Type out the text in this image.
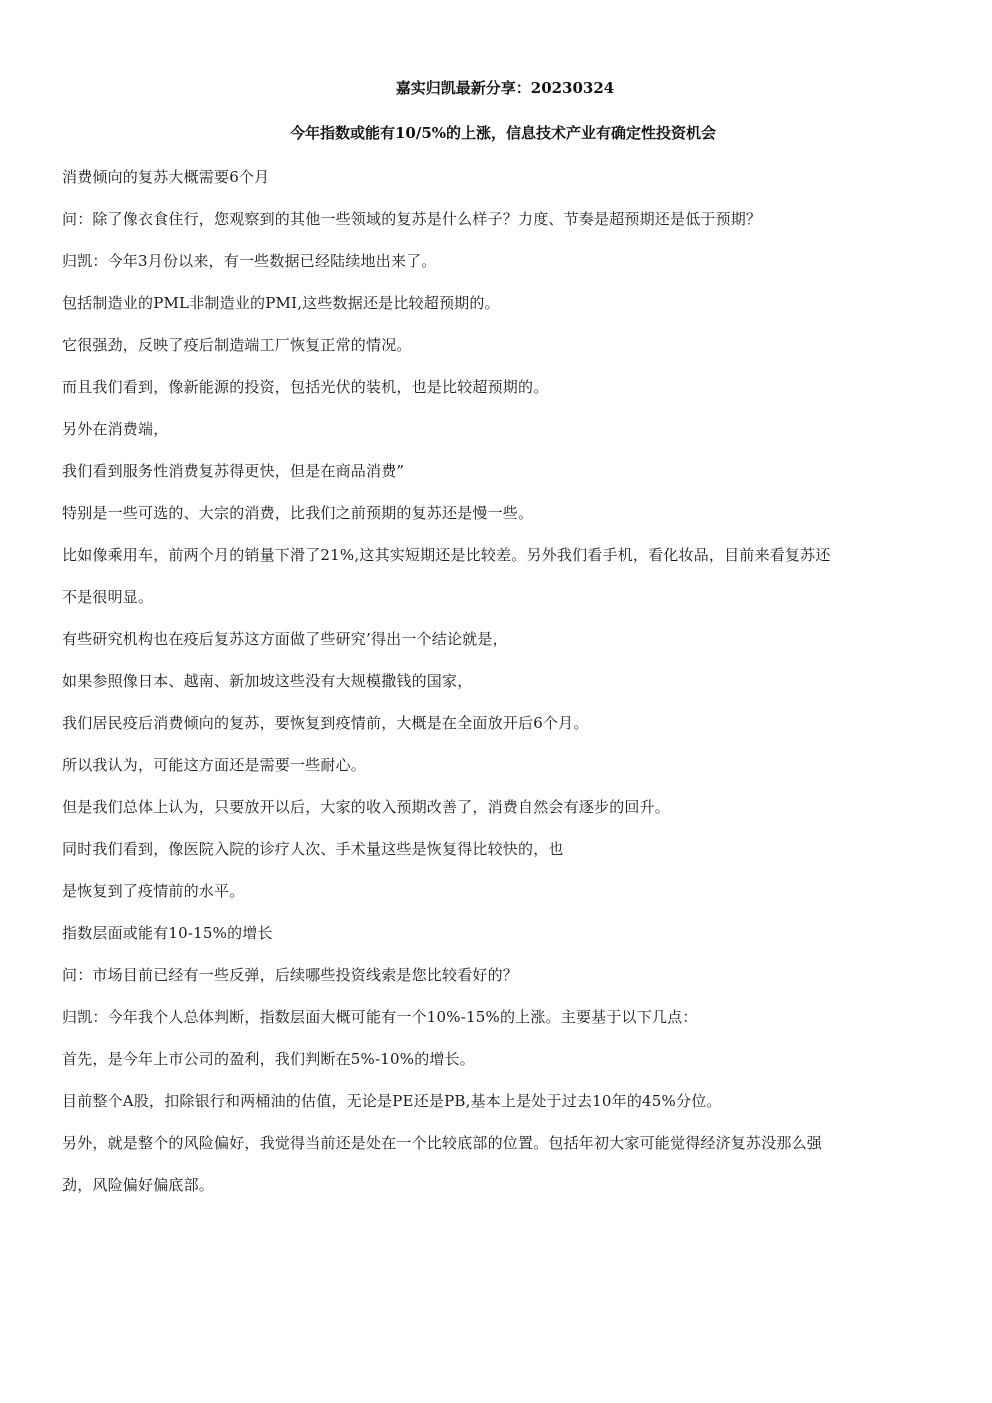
嘉实归凯最新分享：20230324
今年指数或能有10/5%的上涨，信息技术产业有确定性投资机会

消费倾向的复苏大概需要6个月

问：除了像衣食住行，您观察到的其他一些领域的复苏是什么样子？力度、节奏是超预期还是低于预期？

归凯：今年3月份以来，有一些数据已经陆续地出来了。

包括制造业的PML非制造业的PMI,这些数据还是比较超预期的。

它很强劲，反映了疫后制造端工厂恢复正常的情况。

而且我们看到，像新能源的投资，包括光伏的装机，也是比较超预期的。

另外在消费端，

我们看到服务性消费复苏得更快，但是在商品消费”

特别是一些可选的、大宗的消费，比我们之前预期的复苏还是慢一些。

比如像乘用车，前两个月的销量下滑了21%,这其实短期还是比较差。另外我们看手机，看化妆品，目前来看复苏还

不是很明显。

有些研究机构也在疫后复苏这方面做了些研究’得出一个结论就是，

如果参照像日本、越南、新加坡这些没有大规模撒钱的国家，

我们居民疫后消费倾向的复苏，要恢复到疫情前，大概是在全面放开后6个月。

所以我认为，可能这方面还是需要一些耐心。

但是我们总体上认为，只要放开以后，大家的收入预期改善了，消费自然会有逐步的回升。

同时我们看到，像医院入院的诊疗人次、手术量这些是恢复得比较快的，也

是恢复到了疫情前的水平。

指数层面或能有10-15%的增长

问：市场目前已经有一些反弹，后续哪些投资线索是您比较看好的？

归凯：今年我个人总体判断，指数层面大概可能有一个10%-15%的上涨。主要基于以下几点：

首先，是今年上市公司的盈利，我们判断在5%-10%的增长。

目前整个A股，扣除银行和两桶油的估值，无论是PE还是PB,基本上是处于过去10年的45%分位。

另外，就是整个的风险偏好，我觉得当前还是处在一个比较底部的位置。包括年初大家可能觉得经济复苏没那么强

劲，风险偏好偏底部。
